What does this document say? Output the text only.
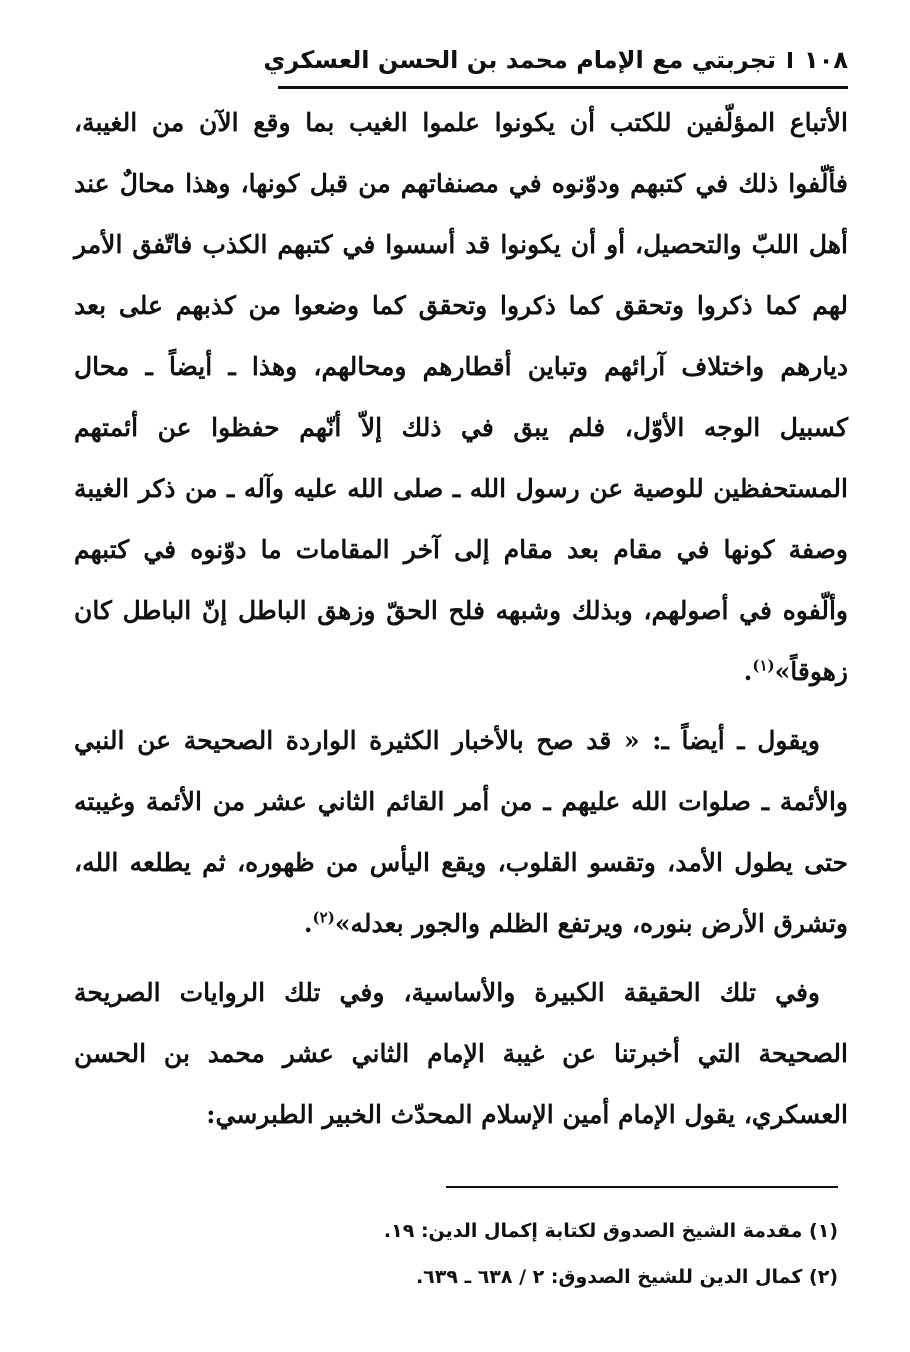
١٠٨
تجربتي مع الإمام محمد بن الحسن العسكري

الأتباع المؤلّفين للكتب أن يكونوا علموا الغيب بما وقع الآن من الغيبة، فألّفوا ذلك في كتبهم ودوّنوه في مصنفاتهم من قبل كونها، وهذا محالٌ عند أهل اللبّ والتحصيل، أو أن يكونوا قد أسسوا في كتبهم الكذب فاتّفق الأمر لهم كما ذكروا وتحقق كما ذكروا وتحقق كما وضعوا من كذبهم على بعد ديارهم واختلاف آرائهم وتباين أقطارهم ومحالهم، وهذا ـ أيضاً ـ محال كسبيل الوجه الأوّل، فلم يبق في ذلك إلاّ أنّهم حفظوا عن أئمتهم المستحفظين للوصية عن رسول الله ـ صلى الله عليه وآله ـ من ذكر الغيبة وصفة كونها في مقام بعد مقام إلى آخر المقامات ما دوّنوه في كتبهم وألّفوه في أصولهم، وبذلك وشبهه فلح الحقّ وزهق الباطل إنّ الباطل كان زهوقاً»$^{(١)}$.

ويقول ـ أيضاً ـ: « قد صح بالأخبار الكثيرة الواردة الصحيحة عن النبي والأئمة ـ صلوات الله عليهم ـ من أمر القائم الثاني عشر من الأئمة وغيبته حتى يطول الأمد، وتقسو القلوب، ويقع اليأس من ظهوره، ثم يطلعه الله، وتشرق الأرض بنوره، ويرتفع الظلم والجور بعدله»$^{(٢)}$.

وفي تلك الحقيقة الكبيرة والأساسية، وفي تلك الروايات الصريحة الصحيحة التي أخبرتنا عن غيبة الإمام الثاني عشر محمد بن الحسن العسكري، يقول الإمام أمين الإسلام المحدّث الخبير الطبرسي:

(١) مقدمة الشيخ الصدوق لكتابة إكمال الدين: ١٩.

(٢) كمال الدين للشيخ الصدوق: ٢ / ٦٣٨ ـ ٦٣٩.
